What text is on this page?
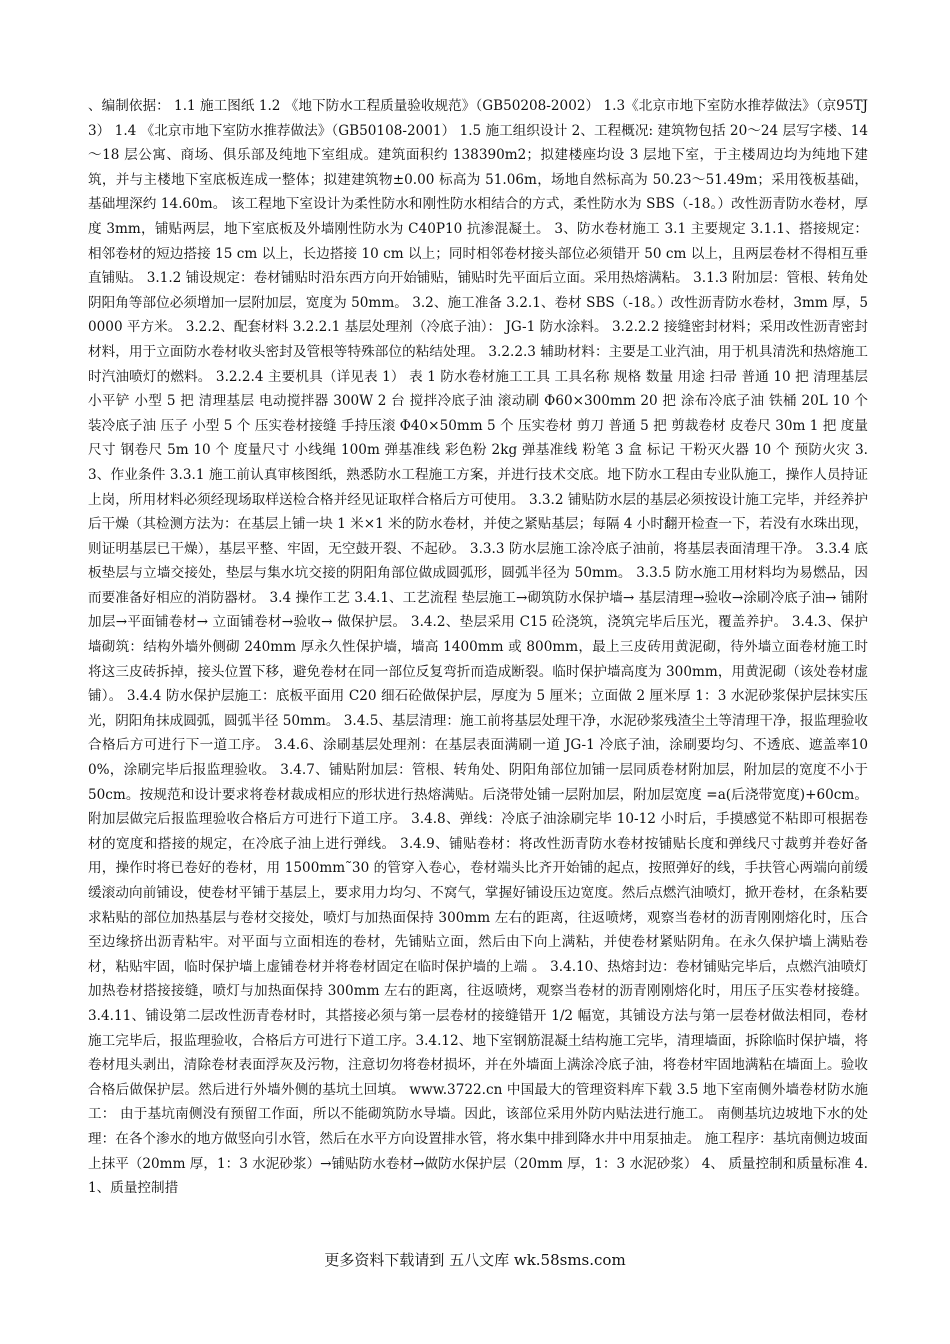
、编制依据： 1.1 施工图纸 1.2 《地下防水工程质量验收规范》（GB50208-2002） 1.3《北京市地下室防水推荐做法》（京95TJ3） 1.4 《北京市地下室防水推荐做法》（GB50108-2001） 1.5 施工组织设计 2、工程概况: 建筑物包括 20～24 层写字楼、14～18 层公寓、商场、俱乐部及纯地下室组成。建筑面积约 138390m2；拟建楼座均设 3 层地下室，于主楼周边均为纯地下建筑，并与主楼地下室底板连成一整体；拟建建筑物±0.00 标高为 51.06m，场地自然标高为 50.23～51.49m；采用筏板基础，基础埋深约 14.60m。 该工程地下室设计为柔性防水和刚性防水相结合的方式，柔性防水为 SBS（-18。）改性沥青防水卷材，厚度 3mm，铺贴两层，地下室底板及外墙刚性防水为 C40P10 抗渗混凝土。 3、防水卷材施工 3.1 主要规定 3.1.1、搭接规定：相邻卷材的短边搭接 15 cm 以上，长边搭接 10 cm 以上；同时相邻卷材接头部位必须错开 50 cm 以上，且两层卷材不得相互垂直铺贴。 3.1.2 铺设规定：卷材铺贴时沿东西方向开始铺贴，铺贴时先平面后立面。采用热熔满粘。 3.1.3 附加层：管根、转角处阴阳角等部位必须增加一层附加层，宽度为 50mm。 3.2、施工准备 3.2.1、卷材 SBS（-18。）改性沥青防水卷材，3mm 厚，50000 平方米。 3.2.2、配套材料 3.2.2.1 基层处理剂（冷底子油）： JG-1 防水涂料。 3.2.2.2 接缝密封材料；采用改性沥青密封材料，用于立面防水卷材收头密封及管根等特殊部位的粘结处理。 3.2.2.3 辅助材料：主要是工业汽油，用于机具清洗和热熔施工时汽油喷灯的燃料。 3.2.2.4 主要机具（详见表 1） 表 1 防水卷材施工工具 工具名称 规格 数量 用途 扫帚 普通 10 把 清理基层 小平铲 小型 5 把 清理基层 电动搅拌器 300W 2 台 搅拌冷底子油 滚动刷 Φ60×300mm 20 把 涂布冷底子油 铁桶 20L 10 个 装冷底子油 压子 小型 5 个 压实卷材接缝 手持压滚 Φ40×50mm 5 个 压实卷材 剪刀 普通 5 把 剪裁卷材 皮卷尺 30m 1 把 度量尺寸 钢卷尺 5m 10 个 度量尺寸 小线绳 100m 弹基准线 彩色粉 2kg 弹基准线 粉笔 3 盒 标记 干粉灭火器 10 个 预防火灾 3.3、作业条件 3.3.1 施工前认真审核图纸，熟悉防水工程施工方案，并进行技术交底。地下防水工程由专业队施工，操作人员持证上岗，所用材料必须经现场取样送检合格并经见证取样合格后方可使用。 3.3.2 铺贴防水层的基层必须按设计施工完毕，并经养护后干燥（其检测方法为：在基层上铺一块 1 米×1 米的防水卷材，并使之紧贴基层；每隔 4 小时翻开检查一下，若没有水珠出现，则证明基层已干燥），基层平整、牢固，无空鼓开裂、不起砂。 3.3.3 防水层施工涂冷底子油前，将基层表面清理干净。 3.3.4 底板垫层与立墙交接处，垫层与集水坑交接的阴阳角部位做成圆弧形，圆弧半径为 50mm。 3.3.5 防水施工用材料均为易燃品，因而要准备好相应的消防器材。 3.4 操作工艺 3.4.1、工艺流程 垫层施工→砌筑防水保护墙→ 基层清理→验收→涂刷冷底子油→ 铺附加层→平面铺卷材→ 立面铺卷材→验收→ 做保护层。 3.4.2、垫层采用 C15 砼浇筑，浇筑完毕后压光，覆盖养护。 3.4.3、保护墙砌筑：结构外墙外侧砌 240mm 厚永久性保护墙，墙高 1400mm 或 800mm，最上三皮砖用黄泥砌，待外墙立面卷材施工时将这三皮砖拆掉，接头位置下移，避免卷材在同一部位反复弯折而造成断裂。临时保护墙高度为 300mm，用黄泥砌（该处卷材虚铺）。 3.4.4 防水保护层施工：底板平面用 C20 细石砼做保护层，厚度为 5 厘米；立面做 2 厘米厚 1：3 水泥砂浆保护层抹实压光，阴阳角抹成圆弧，圆弧半径 50mm。 3.4.5、基层清理：施工前将基层处理干净，水泥砂浆残渣尘土等清理干净，报监理验收合格后方可进行下一道工序。 3.4.6、涂刷基层处理剂：在基层表面满刷一道 JG-1 冷底子油，涂刷要均匀、不透底、遮盖率100%，涂刷完毕后报监理验收。 3.4.7、铺贴附加层：管根、转角处、阴阳角部位加铺一层同质卷材附加层，附加层的宽度不小于 50cm。按规范和设计要求将卷材裁成相应的形状进行热熔满贴。后浇带处铺一层附加层，附加层宽度 =a(后浇带宽度)+60cm。附加层做完后报监理验收合格后方可进行下道工序。 3.4.8、弹线：冷底子油涂刷完毕 10-12 小时后，手摸感觉不粘即可根据卷材的宽度和搭接的规定，在冷底子油上进行弹线。 3.4.9、铺贴卷材：将改性沥青防水卷材按铺贴长度和弹线尺寸裁剪并卷好备用，操作时将已卷好的卷材，用 1500mm˜30 的管穿入卷心，卷材端头比齐开始铺的起点，按照弹好的线，手扶管心两端向前缓缓滚动向前铺设，使卷材平铺于基层上，要求用力均匀、不窝气，掌握好铺设压边宽度。然后点燃汽油喷灯，掀开卷材，在条粘要求粘贴的部位加热基层与卷材交接处，喷灯与加热面保持 300mm 左右的距离，往返喷烤，观察当卷材的沥青刚刚熔化时，压合至边缘挤出沥青粘牢。对平面与立面相连的卷材，先铺贴立面，然后由下向上满粘，并使卷材紧贴阴角。在永久保护墙上满贴卷材，粘贴牢固，临时保护墙上虚铺卷材并将卷材固定在临时保护墙的上端 。 3.4.10、热熔封边：卷材铺贴完毕后，点燃汽油喷灯加热卷材搭接接缝，喷灯与加热面保持 300mm 左右的距离，往返喷烤，观察当卷材的沥青刚刚熔化时，用压子压实卷材接缝。 3.4.11、铺设第二层改性沥青卷材时，其搭接必须与第一层卷材的接缝错开 1/2 幅宽，其铺设方法与第一层卷材做法相同，卷材施工完毕后，报监理验收，合格后方可进行下道工序。3.4.12、地下室钢筋混凝土结构施工完毕，清理墙面，拆除临时保护墙，将卷材甩头剥出，清除卷材表面浮灰及污物，注意切勿将卷材损坏，并在外墙面上满涂冷底子油，将卷材牢固地满粘在墙面上。验收合格后做保护层。然后进行外墙外侧的基坑土回填。 www.3722.cn 中国最大的管理资料库下载 3.5 地下室南侧外墙卷材防水施工： 由于基坑南侧没有预留工作面，所以不能砌筑防水导墙。因此，该部位采用外防内贴法进行施工。 南侧基坑边坡地下水的处理：在各个渗水的地方做竖向引水管，然后在水平方向设置排水管，将水集中排到降水井中用泵抽走。 施工程序：基坑南侧边坡面上抹平（20mm 厚，1：3 水泥砂浆）→铺贴防水卷材→做防水保护层（20mm 厚，1：3 水泥砂浆） 4、 质量控制和质量标准 4.1、质量控制措

更多资料下载请到 五八文库 wk.58sms.com
